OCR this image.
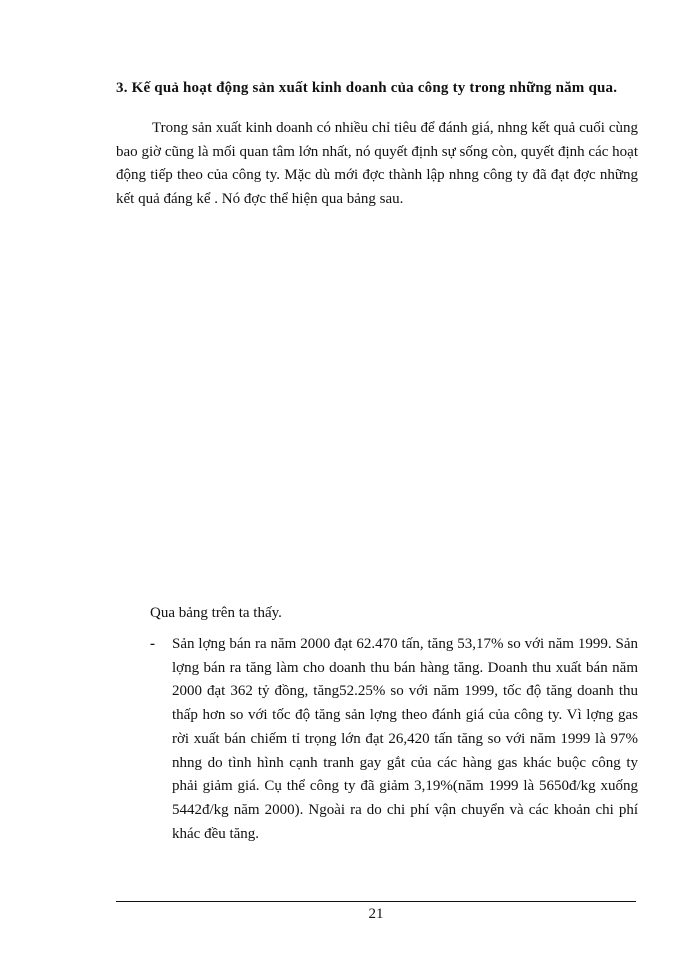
3. Kế quả hoạt động sản xuất kinh doanh của công ty trong những năm qua.

Trong sản xuất kinh doanh có nhiều chỉ tiêu để đánh giá, nhng kết quả cuối cùng bao giờ cũng là mối quan tâm lớn nhất, nó quyết định sự sống còn, quyết định các hoạt động tiếp theo của công ty. Mặc dù mới đợc thành lập nhng công ty đã đạt đợc những kết quả đáng kể . Nó đợc thể hiện qua bảng sau.

Qua bảng trên ta thấy.

-	Sản lợng bán ra năm 2000 đạt 62.470 tấn, tăng 53,17% so với năm 1999. Sản lợng bán ra tăng làm cho doanh thu bán hàng tăng. Doanh thu xuất bán năm 2000 đạt 362 tỷ đồng, tăng52.25% so với năm 1999, tốc độ tăng doanh thu thấp hơn so với tốc độ tăng sản lợng theo đánh giá của công ty. Vì lợng gas rời xuất bán chiếm tỉ trọng lớn đạt 26,420 tấn tăng so với năm 1999 là 97% nhng do tình hình cạnh tranh gay gắt của các hàng gas khác buộc công ty phải giảm giá. Cụ thể công ty đã giảm 3,19%(năm 1999 là 5650đ/kg xuống 5442đ/kg năm 2000). Ngoài ra do chi phí vận chuyển và các khoản chi phí khác đều tăng.
21
